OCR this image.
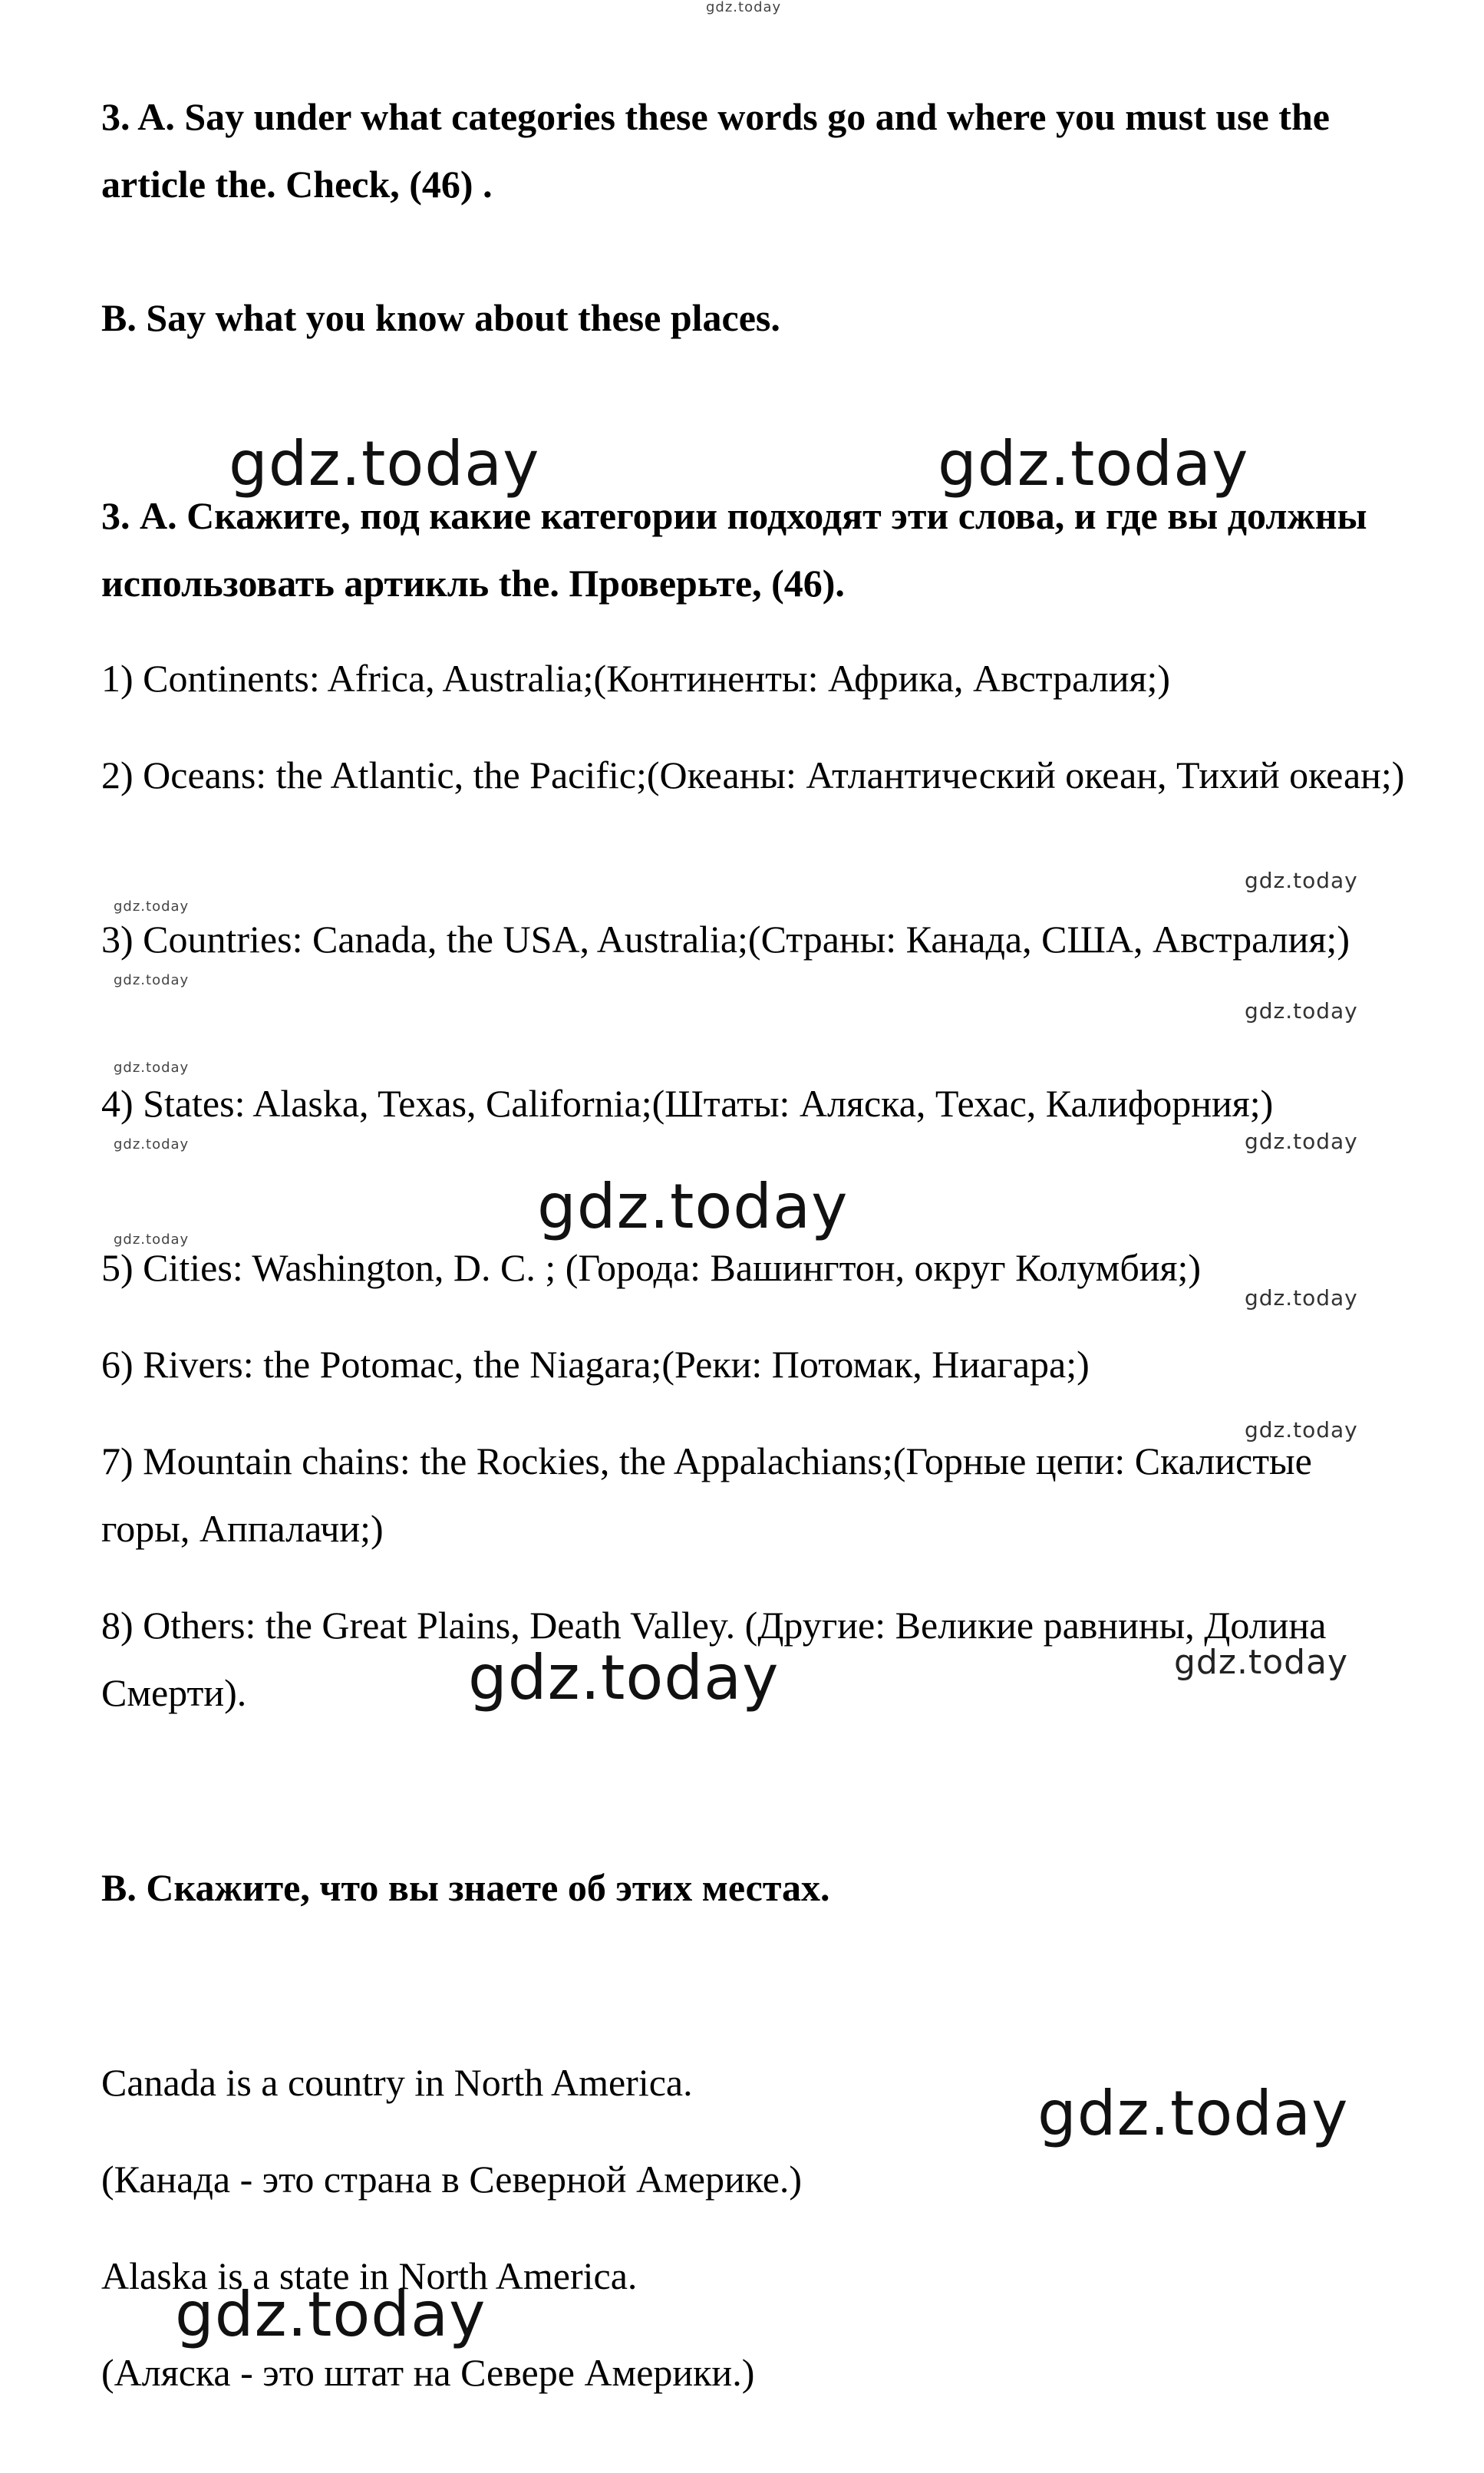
gdz.today
gdz.today	gdz.today
gdz.today
gdz.today
gdz.today
gdz.today
gdz.today
gdz.today	gdz.today
gdz.today
gdz.today
gdz.today
gdz.today
gdz.today
gdz.today
gdz.today
gdz.today

3. A. Say under what categories these words go and where you must use the article the. Check, (46) .

B. Say what you know about these places.

3. А. Скажите, под какие категории подходят эти слова, и где вы должны использовать артикль the. Проверьте, (46).

1) Continents: Africa, Australia;(Континенты: Африка, Австралия;)

2) Oceans: the Atlantic, the Pacific;(Океаны: Атлантический океан, Тихий океан;)

3) Countries: Canada, the USA, Australia;(Страны: Канада, США, Австралия;)

4) States: Alaska, Texas, California;(Штаты: Аляска, Техас, Калифорния;)

5) Cities: Washington, D. C. ; (Города: Вашингтон, округ Колумбия;)

6) Rivers: the Potomac, the Niagara;(Реки: Потомак, Ниагара;)

7) Mountain chains: the Rockies, the Appalachians;(Горные цепи: Скалистые горы, Аппалачи;)

8) Others: the Great Plains, Death Valley. (Другие: Великие равнины, Долина Смерти).

B. Скажите, что вы знаете об этих местах.

Canada is a country in North America.

(Канада - это страна в Северной Америке.)

Alaska is a state in North America.

(Аляска - это штат на Севере Америки.)
